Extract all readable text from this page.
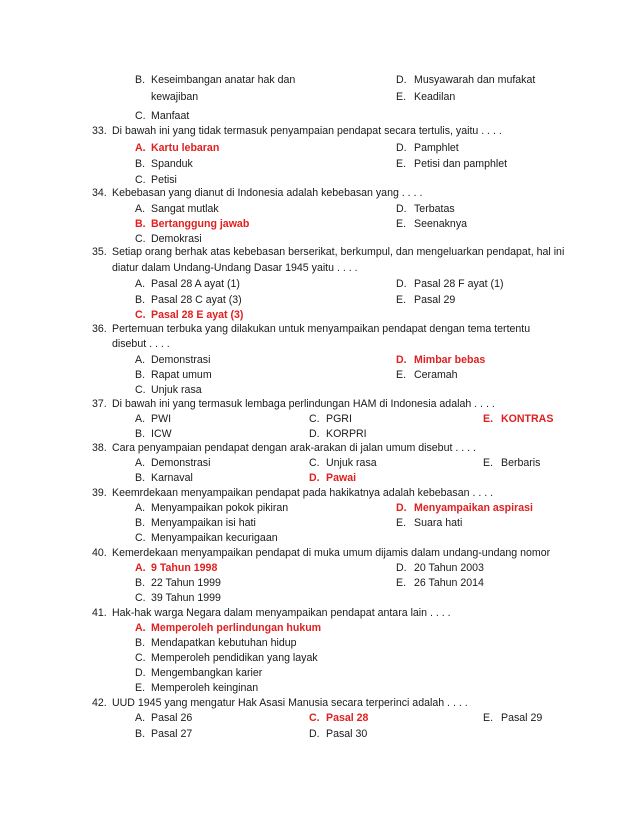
B. Keseimbangan anatar hak dan	D. Musyawarah dan mufakat
kewajiban	E. Keadilan
C. Manfaat
33. Di bawah ini yang tidak termasuk penyampaian pendapat secara tertulis, yaitu . . . .
A. Kartu lebaran	D. Pamphlet
B. Spanduk	E. Petisi dan pamphlet
C. Petisi
34. Kebebasan yang dianut di Indonesia adalah kebebasan yang . . . .
A. Sangat mutlak	D. Terbatas
B. Bertanggung jawab	E. Seenaknya
C. Demokrasi
35. Setiap orang berhak atas kebebasan berserikat, berkumpul, dan mengeluarkan pendapat, hal ini
diatur dalam Undang-Undang Dasar 1945 yaitu . . . .
A. Pasal 28 A ayat (1)	D. Pasal 28 F ayat (1)
B. Pasal 28 C ayat (3)	E. Pasal 29
C. Pasal 28 E ayat (3)
36. Pertemuan terbuka yang dilakukan untuk menyampaikan pendapat dengan tema tertentu
disebut . . . .
A. Demonstrasi	D. Mimbar bebas
B. Rapat umum	E. Ceramah
C. Unjuk rasa
37. Di bawah ini yang termasuk lembaga perlindungan HAM di Indonesia adalah . . . .
A. PWI	C. PGRI	E. KONTRAS
B. ICW	D. KORPRI
38. Cara penyampaian pendapat dengan arak-arakan di jalan umum disebut . . . .
A. Demonstrasi	C. Unjuk rasa	E. Berbaris
B. Karnaval	D. Pawai
39. Keemrdekaan menyampaikan pendapat pada hakikatnya adalah kebebasan . . . .
A. Menyampaikan pokok pikiran	D. Menyampaikan aspirasi
B. Menyampaikan isi hati	E. Suara hati
C. Menyampaikan kecurigaan
40. Kemerdekaan menyampaikan pendapat di muka umum dijamis dalam undang-undang nomor
A. 9 Tahun 1998	D. 20 Tahun 2003
B. 22 Tahun 1999	E. 26 Tahun 2014
C. 39 Tahun 1999
41. Hak-hak warga Negara dalam menyampaikan pendapat antara lain . . . .
A. Memperoleh perlindungan hukum
B. Mendapatkan kebutuhan hidup
C. Memperoleh pendidikan yang layak
D. Mengembangkan karier
E. Memperoleh keinginan
42. UUD 1945 yang mengatur Hak Asasi Manusia secara terperinci adalah . . . .
A. Pasal 26	C. Pasal 28	E. Pasal 29
B. Pasal 27	D. Pasal 30
